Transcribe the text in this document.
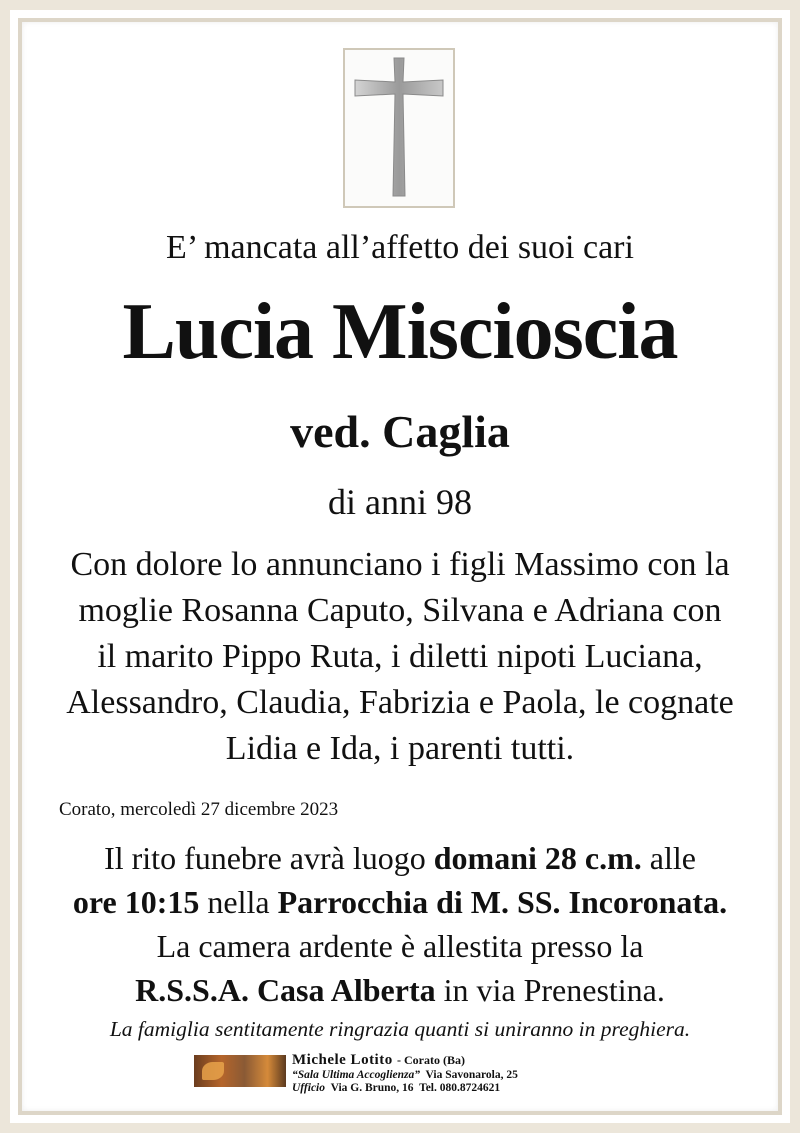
E’ mancata all’affetto dei suoi cari
Lucia Miscioscia
ved. Caglia
di anni 98
Con dolore lo annunciano i figli Massimo con la
moglie Rosanna Caputo, Silvana e Adriana con
il marito Pippo Ruta, i diletti nipoti Luciana,
Alessandro, Claudia, Fabrizia e Paola, le cognate
Lidia e Ida, i parenti tutti.
Corato, mercoledì 27 dicembre 2023
Il rito funebre avrà luogo domani 28 c.m. alle
ore 10:15 nella Parrocchia di M. SS. Incoronata.
La camera ardente è allestita presso la
R.S.S.A. Casa Alberta in via Prenestina.
La famiglia sentitamente ringrazia quanti si uniranno in preghiera.
Michele Lotito - Corato (Ba)
“Sala Ultima Accoglienza” Via Savonarola, 25
Ufficio Via G. Bruno, 16 Tel. 080.8724621
